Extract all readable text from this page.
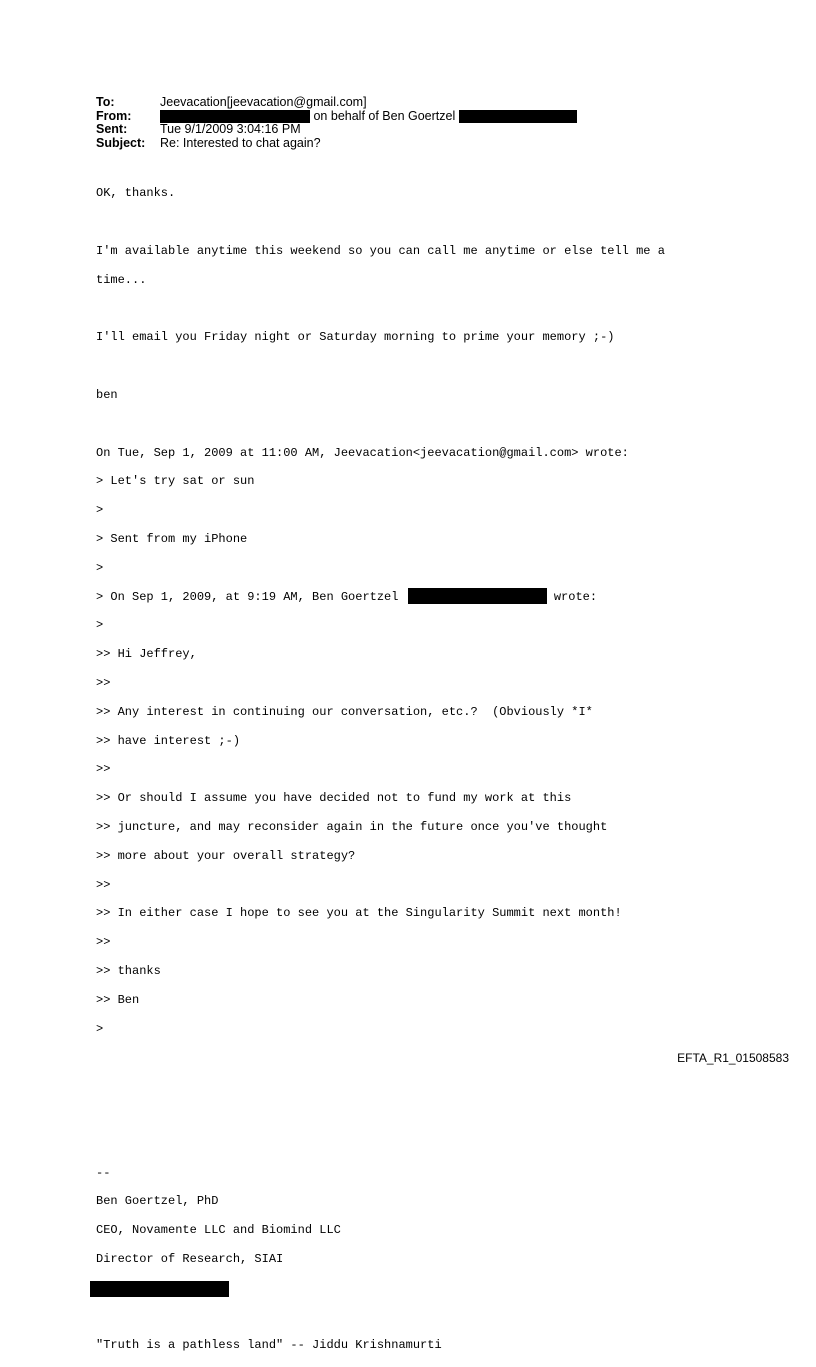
To:	Jeevacation[jeevacation@gmail.com]
From:	on behalf of Ben Goertzel
Sent:	Tue 9/1/2009 3:04:16 PM
Subject: Re: Interested to chat again?

OK, thanks.

I'm available anytime this weekend so you can call me anytime or else tell me a

time...

I'll email you Friday night or Saturday morning to prime your memory ;-)

ben

On Tue, Sep 1, 2009 at 11:00 AM, Jeevacation<jeevacation@gmail.com> wrote:

> Let's try sat or sun

>

> Sent from my iPhone

>

> On Sep 1, 2009, at 9:19 AM, Ben Goertzel	wrote:

>

>> Hi Jeffrey,

>>

>> Any interest in continuing our conversation, etc.?  (Obviously *I*

>> have interest ;-)

>>

>> Or should I assume you have decided not to fund my work at this

>> juncture, and may reconsider again in the future once you've thought

>> more about your overall strategy?

>>

>> In either case I hope to see you at the Singularity Summit next month!

>>

>> thanks

>> Ben

>

--

Ben Goertzel, PhD

CEO, Novamente LLC and Biomind LLC

Director of Research, SIAI

"Truth is a pathless land" -- Jiddu Krishnamurti

EFTA_R1_01508583
